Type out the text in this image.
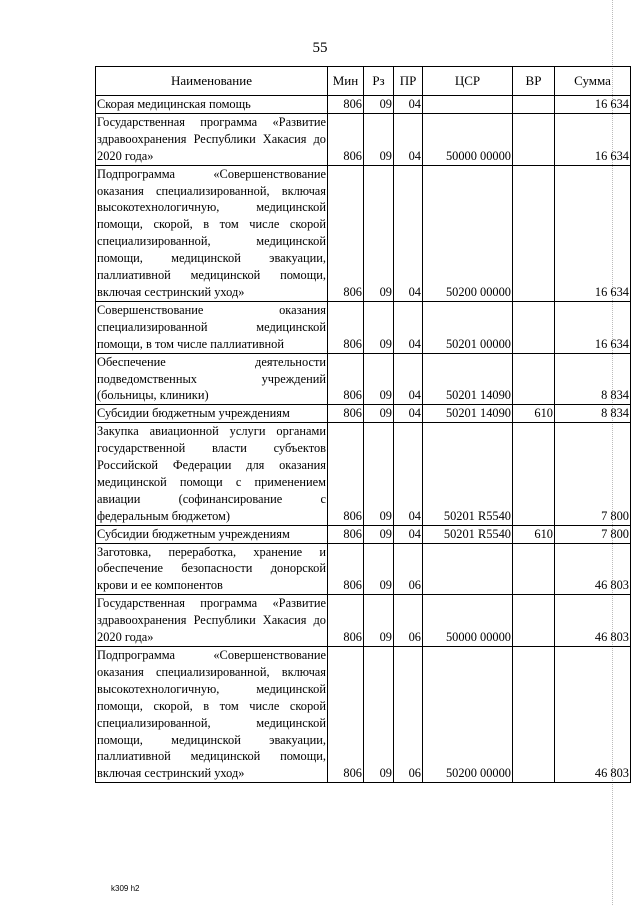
55
Наименование	Мин	Рз	ПР	ЦСР	ВР	Сумма
Скорая медицинская помощь	806	09	04			16 634
Государственная программа «Развитие здравоохранения Республики Хакасия до 2020 года»	806	09	04	50000 00000		16 634
Подпрограмма «Совершенствование оказания специализированной, включая высокотехнологичную, медицинской помощи, скорой, в том числе скорой специализированной, медицинской помощи, медицинской эвакуации, паллиативной медицинской помощи, включая сестринский уход»	806	09	04	50200 00000		16 634
Совершенствование оказания специализированной медицинской помощи, в том числе паллиативной	806	09	04	50201 00000		16 634
Обеспечение деятельности подведомственных учреждений (больницы, клиники)	806	09	04	50201 14090		8 834
Субсидии бюджетным учреждениям	806	09	04	50201 14090	610	8 834
Закупка авиационной услуги органами государственной власти субъектов Российской Федерации для оказания медицинской помощи с применением авиации (софинансирование с федеральным бюджетом)	806	09	04	50201 R5540		7 800
Субсидии бюджетным учреждениям	806	09	04	50201 R5540	610	7 800
Заготовка, переработка, хранение и обеспечение безопасности донорской крови и ее компонентов	806	09	06			46 803
Государственная программа «Развитие здравоохранения Республики Хакасия до 2020 года»	806	09	06	50000 00000		46 803
Подпрограмма «Совершенствование оказания специализированной, включая высокотехнологичную, медицинской помощи, скорой, в том числе скорой специализированной, медицинской помощи, медицинской эвакуации, паллиативной медицинской помощи, включая сестринский уход»	806	09	06	50200 00000		46 803
k309 h2
